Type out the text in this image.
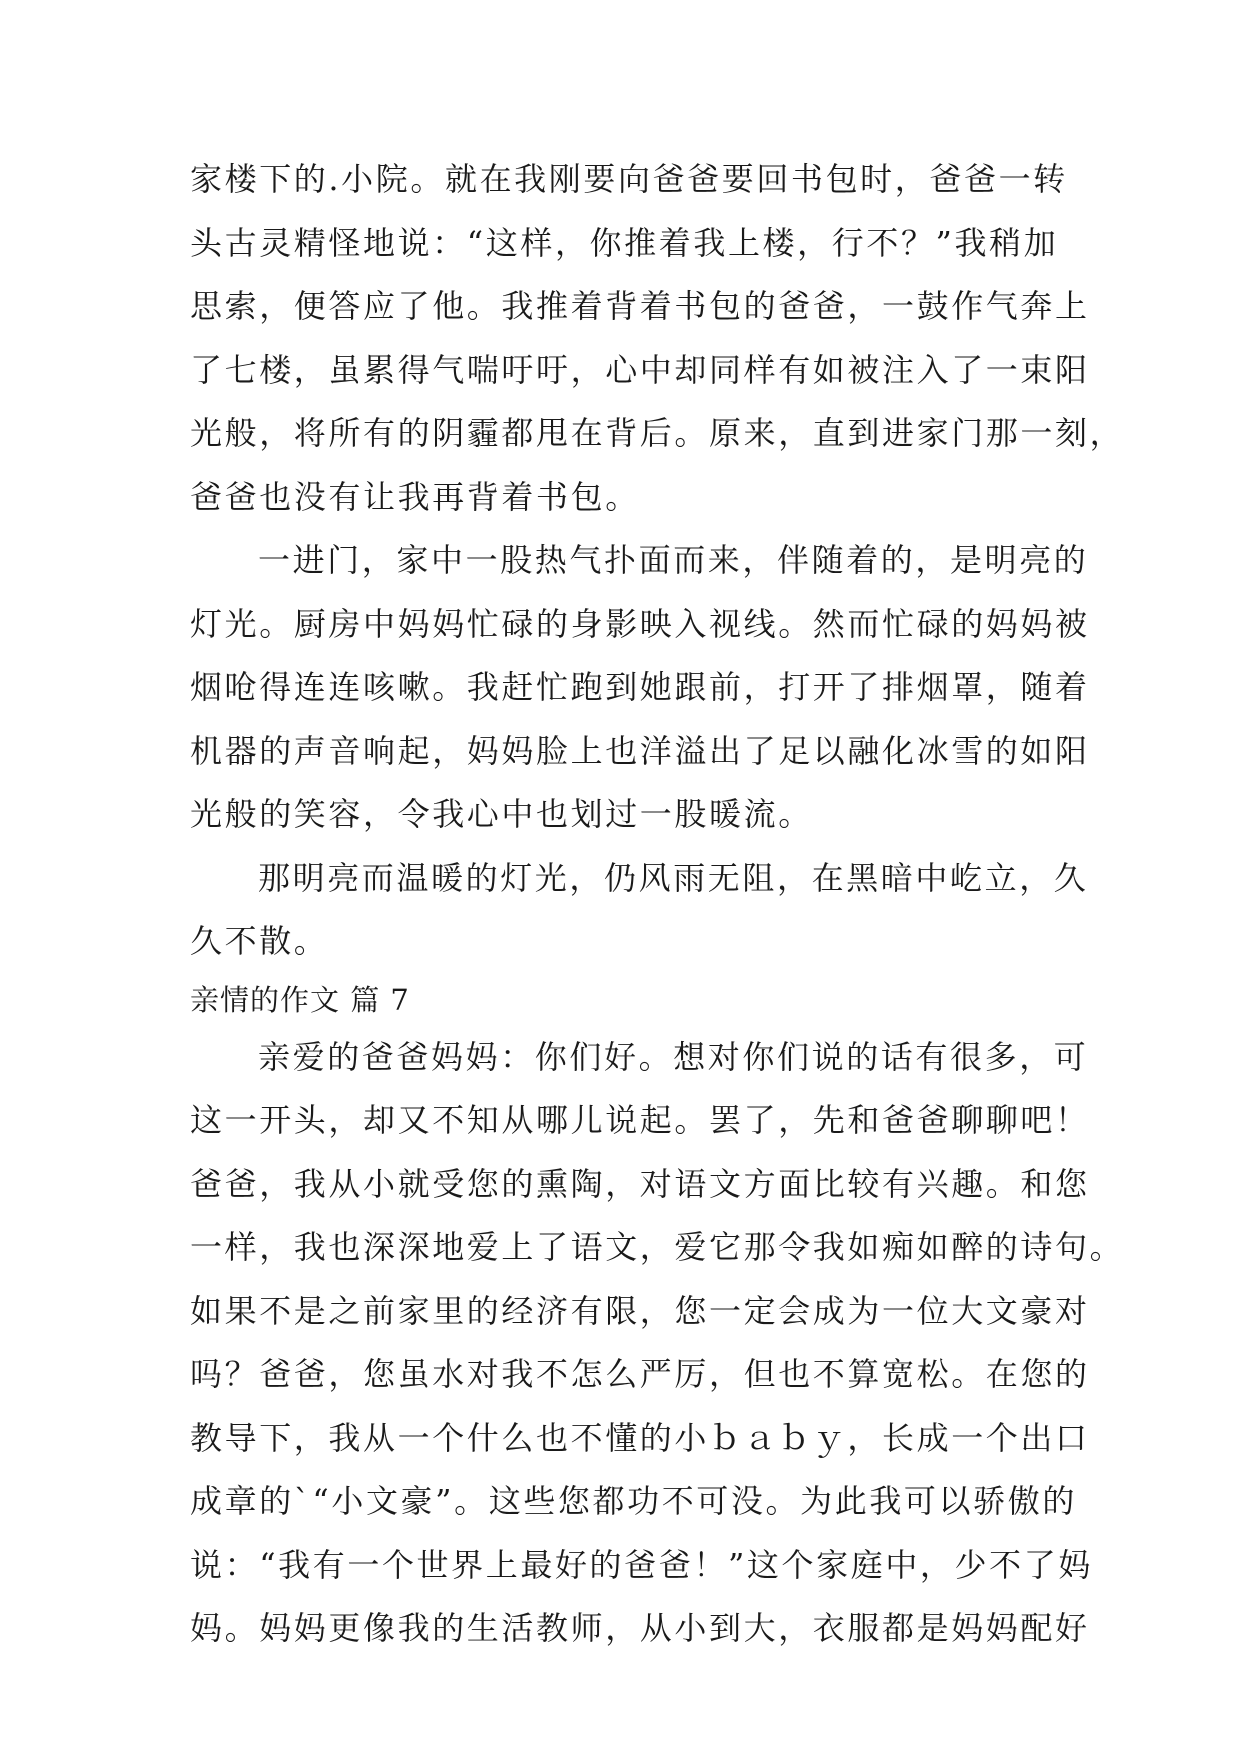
家楼下的.小院。就在我刚要向爸爸要回书包时，爸爸一转
头古灵精怪地说：“这样，你推着我上楼，行不？”我稍加
思索，便答应了他。我推着背着书包的爸爸，一鼓作气奔上
了七楼，虽累得气喘吁吁，心中却同样有如被注入了一束阳
光般，将所有的阴霾都甩在背后。原来，直到进家门那一刻，
爸爸也没有让我再背着书包。

一进门，家中一股热气扑面而来，伴随着的，是明亮的
灯光。厨房中妈妈忙碌的身影映入视线。然而忙碌的妈妈被
烟呛得连连咳嗽。我赶忙跑到她跟前，打开了排烟罩，随着
机器的声音响起，妈妈脸上也洋溢出了足以融化冰雪的如阳
光般的笑容，令我心中也划过一股暖流。

那明亮而温暖的灯光，仍风雨无阻，在黑暗中屹立，久
久不散。

亲情的作文 篇 7

亲爱的爸爸妈妈：你们好。想对你们说的话有很多，可
这一开头，却又不知从哪儿说起。罢了，先和爸爸聊聊吧！
爸爸，我从小就受您的熏陶，对语文方面比较有兴趣。和您
一样，我也深深地爱上了语文，爱它那令我如痴如醉的诗句。
如果不是之前家里的经济有限，您一定会成为一位大文豪对
吗？爸爸，您虽水对我不怎么严厉，但也不算宽松。在您的
教导下，我从一个什么也不懂的小ｂａｂｙ，长成一个出口
成章的`“小文豪”。这些您都功不可没。为此我可以骄傲的
说：“我有一个世界上最好的爸爸！”这个家庭中，少不了妈
妈。妈妈更像我的生活教师，从小到大，衣服都是妈妈配好
